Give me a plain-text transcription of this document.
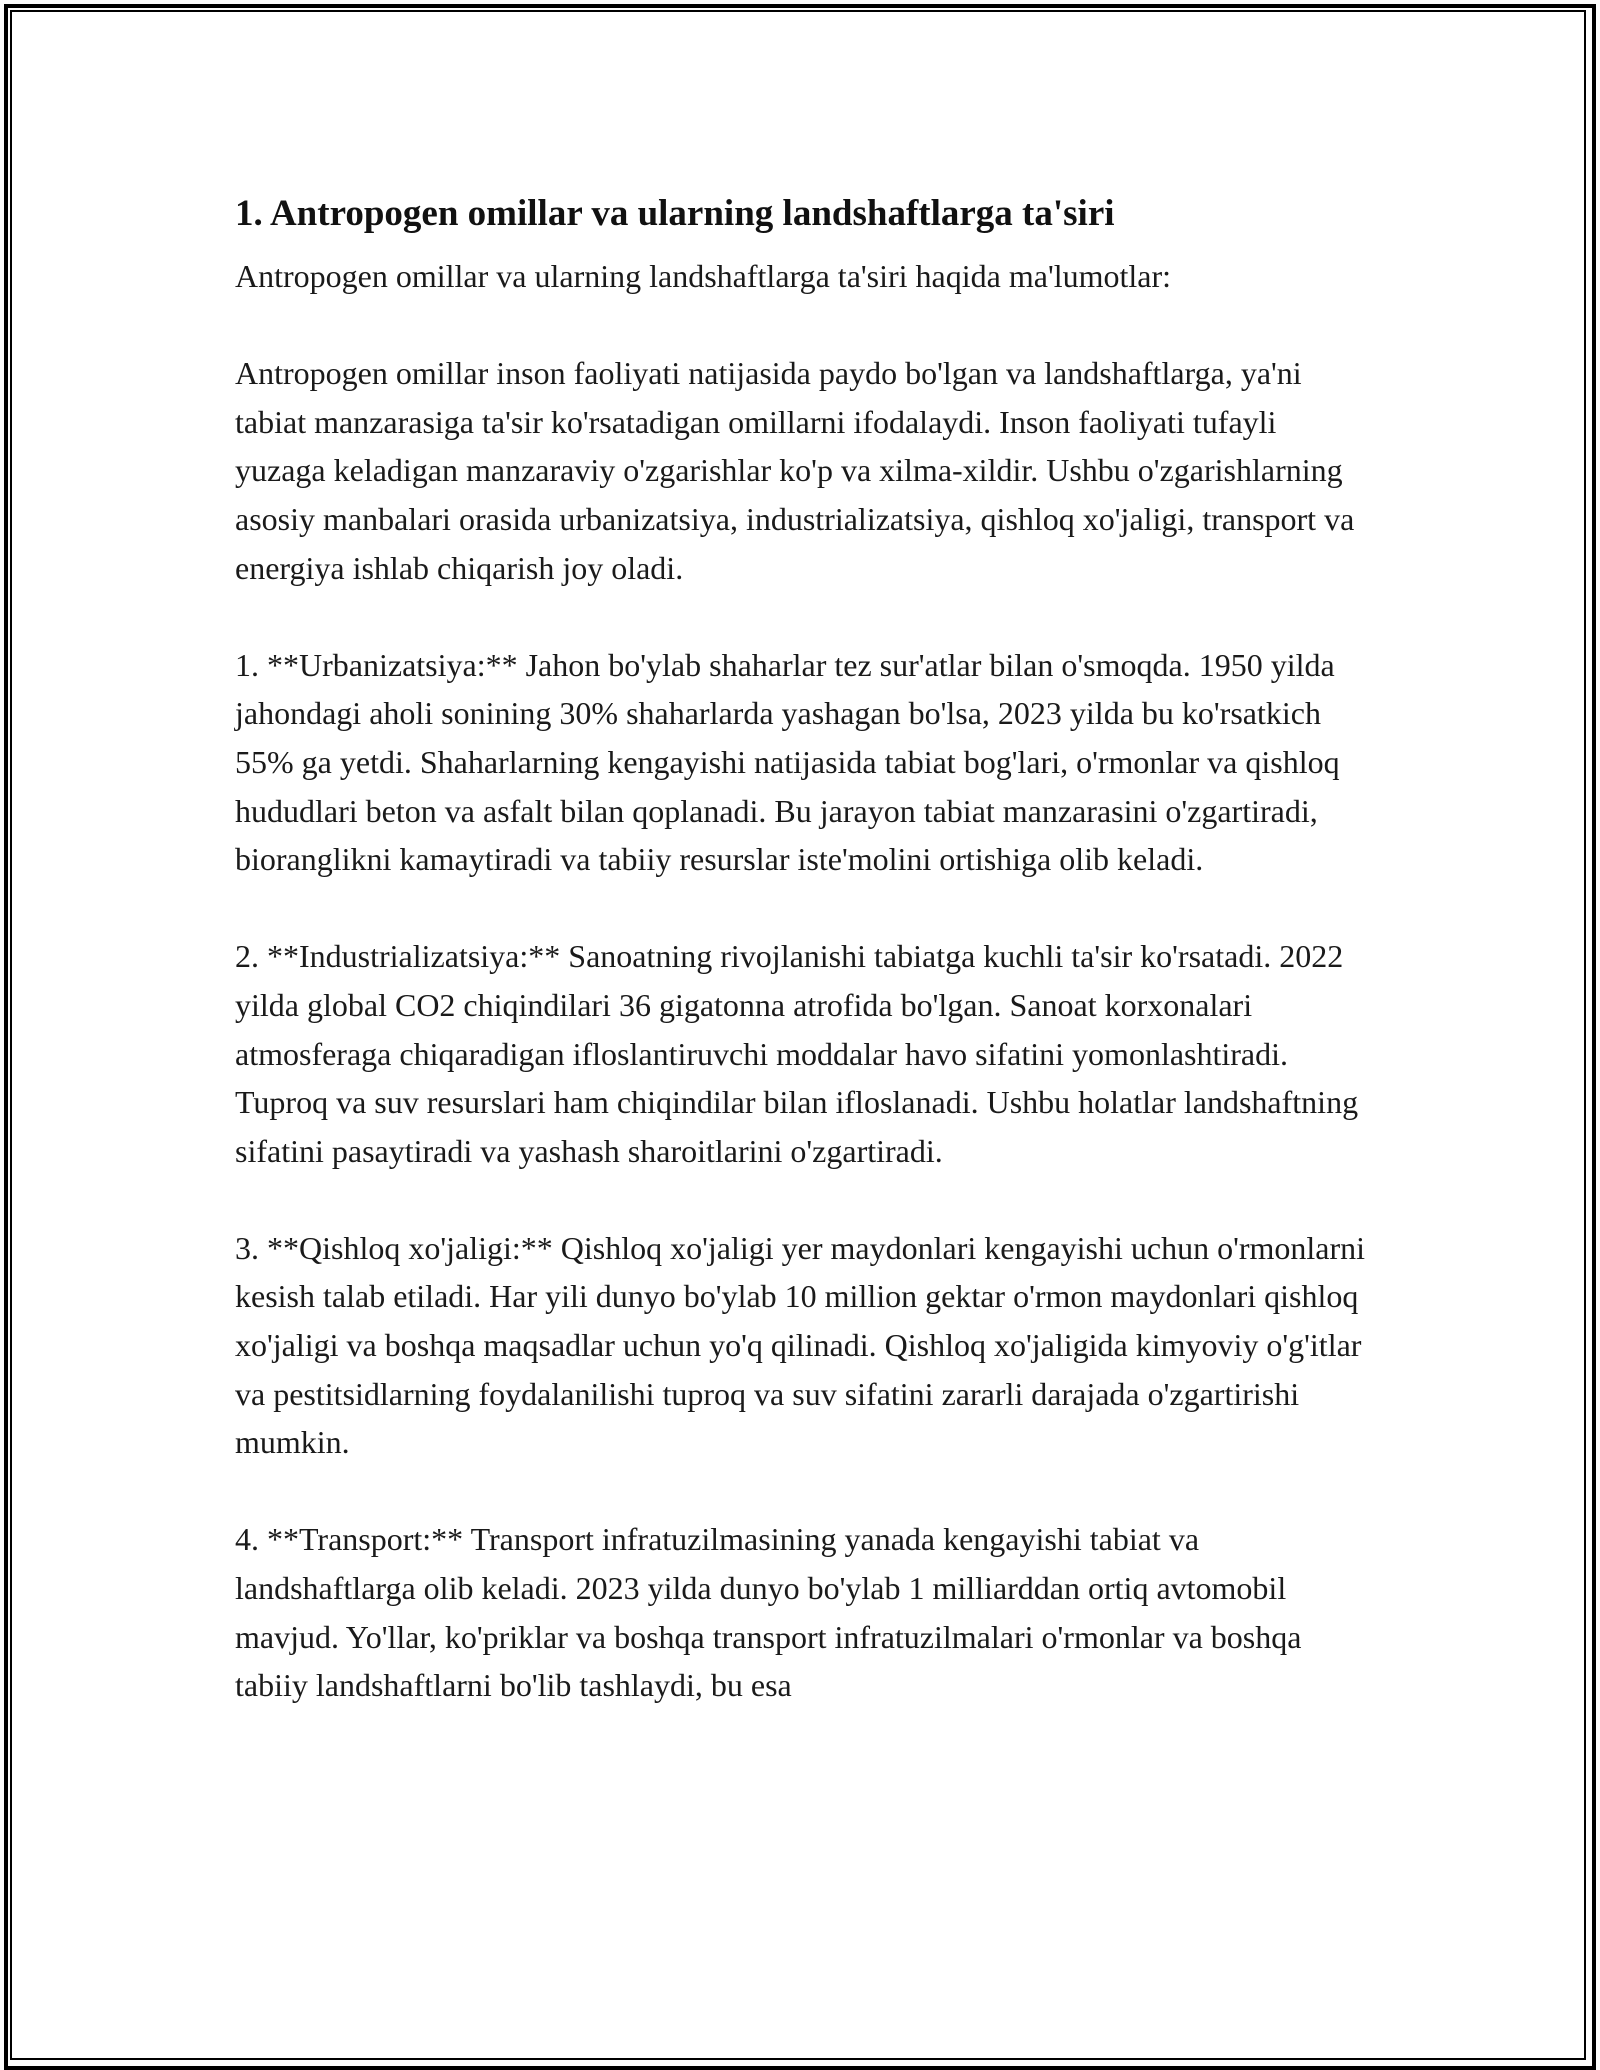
1. Antropogen omillar va ularning landshaftlarga ta'siri

Antropogen omillar va ularning landshaftlarga ta'siri haqida ma'lumotlar:

Antropogen omillar inson faoliyati natijasida paydo bo'lgan va landshaftlarga, ya'ni tabiat manzarasiga ta'sir ko'rsatadigan omillarni ifodalaydi. Inson faoliyati tufayli yuzaga keladigan manzaraviy o'zgarishlar ko'p va xilma-xildir. Ushbu o'zgarishlarning asosiy manbalari orasida urbanizatsiya, industrializatsiya, qishloq xo'jaligi, transport va energiya ishlab chiqarish joy oladi.

1. **Urbanizatsiya:** Jahon bo'ylab shaharlar tez sur'atlar bilan o'smoqda. 1950 yilda jahondagi aholi sonining 30% shaharlarda yashagan bo'lsa, 2023 yilda bu ko'rsatkich 55% ga yetdi. Shaharlarning kengayishi natijasida tabiat bog'lari, o'rmonlar va qishloq hududlari beton va asfalt bilan qoplanadi. Bu jarayon tabiat manzarasini o'zgartiradi, bioranglikni kamaytiradi va tabiiy resurslar iste'molini ortishiga olib keladi.

2. **Industrializatsiya:** Sanoatning rivojlanishi tabiatga kuchli ta'sir ko'rsatadi. 2022 yilda global CO2 chiqindilari 36 gigatonna atrofida bo'lgan. Sanoat korxonalari atmosferaga chiqaradigan ifloslantiruvchi moddalar havo sifatini yomonlashtiradi. Tuproq va suv resurslari ham chiqindilar bilan ifloslanadi. Ushbu holatlar landshaftning sifatini pasaytiradi va yashash sharoitlarini o'zgartiradi.

3. **Qishloq xo'jaligi:** Qishloq xo'jaligi yer maydonlari kengayishi uchun o'rmonlarni kesish talab etiladi. Har yili dunyo bo'ylab 10 million gektar o'rmon maydonlari qishloq xo'jaligi va boshqa maqsadlar uchun yo'q qilinadi. Qishloq xo'jaligida kimyoviy o'g'itlar va pestitsidlarning foydalanilishi tuproq va suv sifatini zararli darajada o'zgartirishi mumkin.

4. **Transport:** Transport infratuzilmasining yanada kengayishi tabiat va landshaftlarga olib keladi. 2023 yilda dunyo bo'ylab 1 milliarddan ortiq avtomobil mavjud. Yo'llar, ko'priklar va boshqa transport infratuzilmalari o'rmonlar va boshqa tabiiy landshaftlarni bo'lib tashlaydi, bu esa
